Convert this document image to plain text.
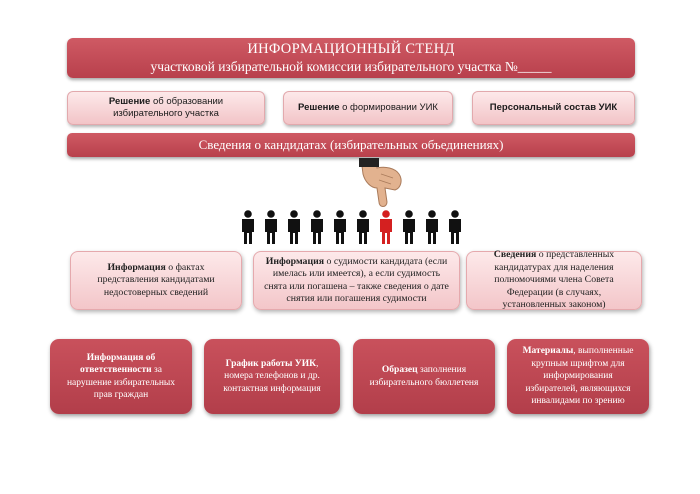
ИНФОРМАЦИОННЫЙ СТЕНД
участковой избирательной комиссии избирательного участка №_____
Решение об образовании избирательного участка
Решение о формировании УИК	Персональный состав УИК
Сведения о кандидатах (избирательных объединениях)
Информация о фактах представления кандидатами недостоверных сведений
Информация о судимости кандидата (если имелась или имеется), а если судимость снята или погашена – также сведения о дате снятия или погашения судимости
Сведения о представленных кандидатурах для наделения полномочиями члена Совета Федерации (в случаях, установленных законом)
Информация об ответственности за нарушение избирательных прав граждан
График работы УИК, номера телефонов и др. контактная информация
Образец заполнения избирательного бюллетеня
Материалы, выполненные крупным шрифтом для информирования избирателей, являющихся инвалидами по зрению
